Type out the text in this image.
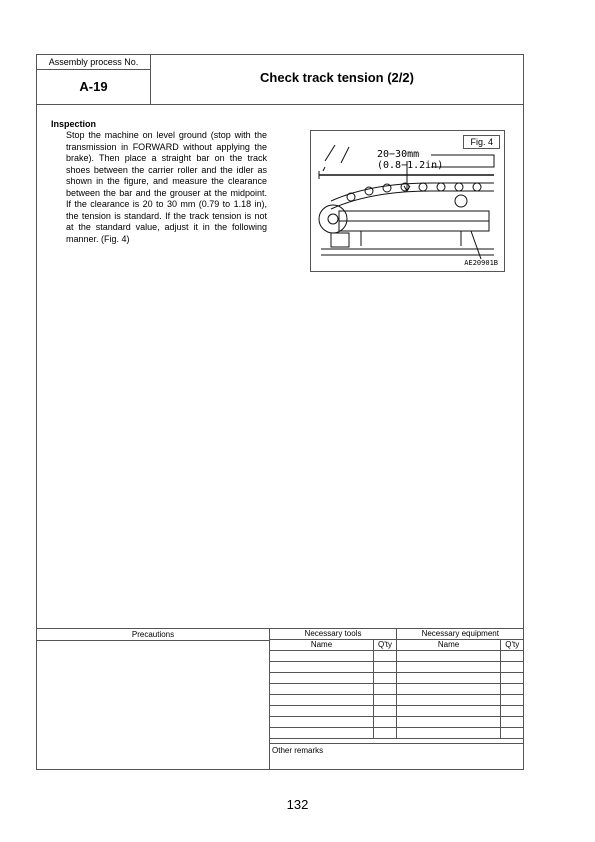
Assembly process No.
A-19
Check track tension (2/2)
Inspection
Stop the machine on level ground (stop with the transmission in FORWARD without applying the brake). Then place a straight bar on the track shoes between the carrier roller and the idler as shown in the figure, and measure the clearance between the bar and the grouser at the midpoint. If the clearance is 20 to 30 mm (0.79 to 1.18 in), the tension is standard. If the track tension is not at the standard value, adjust it in the following manner. (Fig. 4)
20−30mm
(0.8−1.2in)
Fig. 4
AE20901B
Precautions	Necessary tools		Necessary equipment	
Name	Q'ty	Name	Q'ty

Other remarks
132
